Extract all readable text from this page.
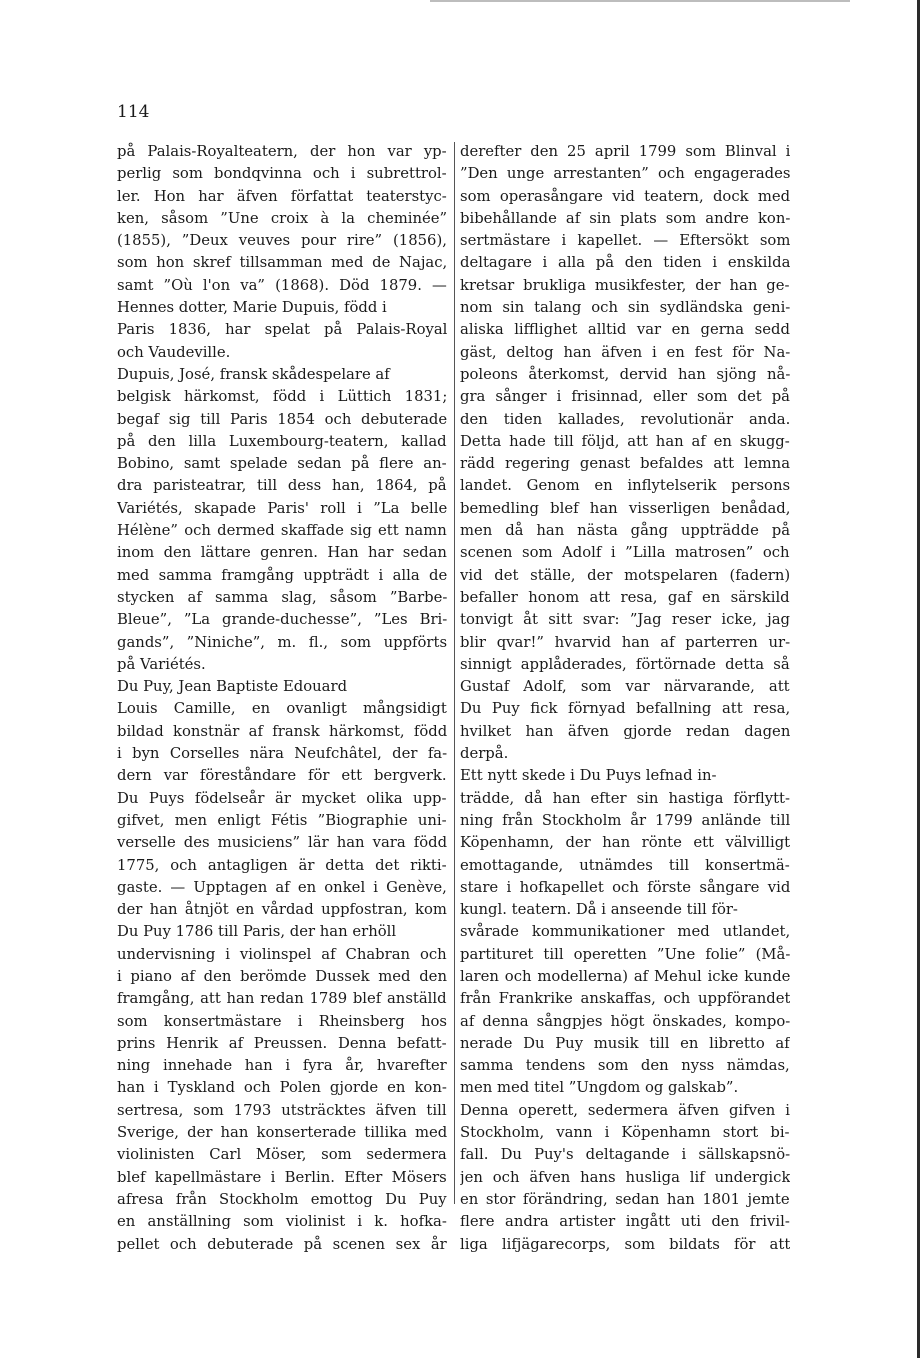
114
på Palais-Royalteatern, der hon var yp-
perlig som bondqvinna och i subrettrol-
ler. Hon har äfven författat teaterstyc-
ken, såsom ”Une croix à la cheminée”
(1855), ”Deux veuves pour rire” (1856),
som hon skref tillsamman med de Najac,
samt ”Où l'on va” (1868). Död 1879. —
Hennes dotter, Marie Dupuis, född i
Paris 1836, har spelat på Palais-Royal
och Vaudeville.
Dupuis, José, fransk skådespelare af
belgisk härkomst, född i Lüttich 1831;
begaf sig till Paris 1854 och debuterade
på den lilla Luxembourg-teatern, kallad
Bobino, samt spelade sedan på flere an-
dra paristeatrar, till dess han, 1864, på
Variétés, skapade Paris' roll i ”La belle
Hélène” och dermed skaffade sig ett namn
inom den lättare genren. Han har sedan
med samma framgång uppträdt i alla de
stycken af samma slag, såsom ”Barbe-
Bleue”, ”La grande-duchesse”, ”Les Bri-
gands”, ”Niniche”, m. fl., som uppförts
på Variétés.
Du Puy, Jean Baptiste Edouard
Louis Camille, en ovanligt mångsidigt
bildad konstnär af fransk härkomst, född
i byn Corselles nära Neufchâtel, der fa-
dern var föreståndare för ett bergverk.
Du Puys födelseår är mycket olika upp-
gifvet, men enligt Fétis ”Biographie uni-
verselle des musiciens” lär han vara född
1775, och antagligen är detta det rikti-
gaste. — Upptagen af en onkel i Genève,
der han åtnjöt en vårdad uppfostran, kom
Du Puy 1786 till Paris, der han erhöll
undervisning i violinspel af Chabran och
i piano af den berömde Dussek med den
framgång, att han redan 1789 blef anställd
som konsertmästare i Rheinsberg hos
prins Henrik af Preussen. Denna befatt-
ning innehade han i fyra år, hvarefter
han i Tyskland och Polen gjorde en kon-
sertresa, som 1793 utsträcktes äfven till
Sverige, der han konserterade tillika med
violinisten Carl Möser, som sedermera
blef kapellmästare i Berlin. Efter Mösers
afresa från Stockholm emottog Du Puy
en anställning som violinist i k. hofka-
pellet och debuterade på scenen sex år
derefter den 25 april 1799 som Blinval i
”Den unge arrestanten” och engagerades
som operasångare vid teatern, dock med
bibehållande af sin plats som andre kon-
sertmästare i kapellet. — Eftersökt som
deltagare i alla på den tiden i enskilda
kretsar brukliga musikfester, der han ge-
nom sin talang och sin sydländska geni-
aliska lifflighet alltid var en gerna sedd
gäst, deltog han äfven i en fest för Na-
poleons återkomst, dervid han sjöng nå-
gra sånger i frisinnad, eller som det på
den tiden kallades, revolutionär anda.
Detta hade till följd, att han af en skugg-
rädd regering genast befaldes att lemna
landet. Genom en inflytelserik persons
bemedling blef han visserligen benådad,
men då han nästa gång uppträdde på
scenen som Adolf i ”Lilla matrosen” och
vid det ställe, der motspelaren (fadern)
befaller honom att resa, gaf en särskild
tonvigt åt sitt svar: ”Jag reser icke, jag
blir qvar!” hvarvid han af parterren ur-
sinnigt applåderades, förtörnade detta så
Gustaf Adolf, som var närvarande, att
Du Puy fick förnyad befallning att resa,
hvilket han äfven gjorde redan dagen
derpå.
Ett nytt skede i Du Puys lefnad in-
trädde, då han efter sin hastiga förflytt-
ning från Stockholm år 1799 anlände till
Köpenhamn, der han rönte ett välvilligt
emottagande, utnämdes till konsertmä-
stare i hofkapellet och förste sångare vid
kungl. teatern. Då i anseende till för-
svårade kommunikationer med utlandet,
partituret till operetten ”Une folie” (Må-
laren och modellerna) af Mehul icke kunde
från Frankrike anskaffas, och uppförandet
af denna sångpjes högt önskades, kompo-
nerade Du Puy musik till en libretto af
samma tendens som den nyss nämdas,
men med titel ”Ungdom og galskab”.
Denna operett, sedermera äfven gifven i
Stockholm, vann i Köpenhamn stort bi-
fall. Du Puy's deltagande i sällskapsnö-
jen och äfven hans husliga lif undergick
en stor förändring, sedan han 1801 jemte
flere andra artister ingått uti den frivil-
liga lifjägarecorps, som bildats för att
